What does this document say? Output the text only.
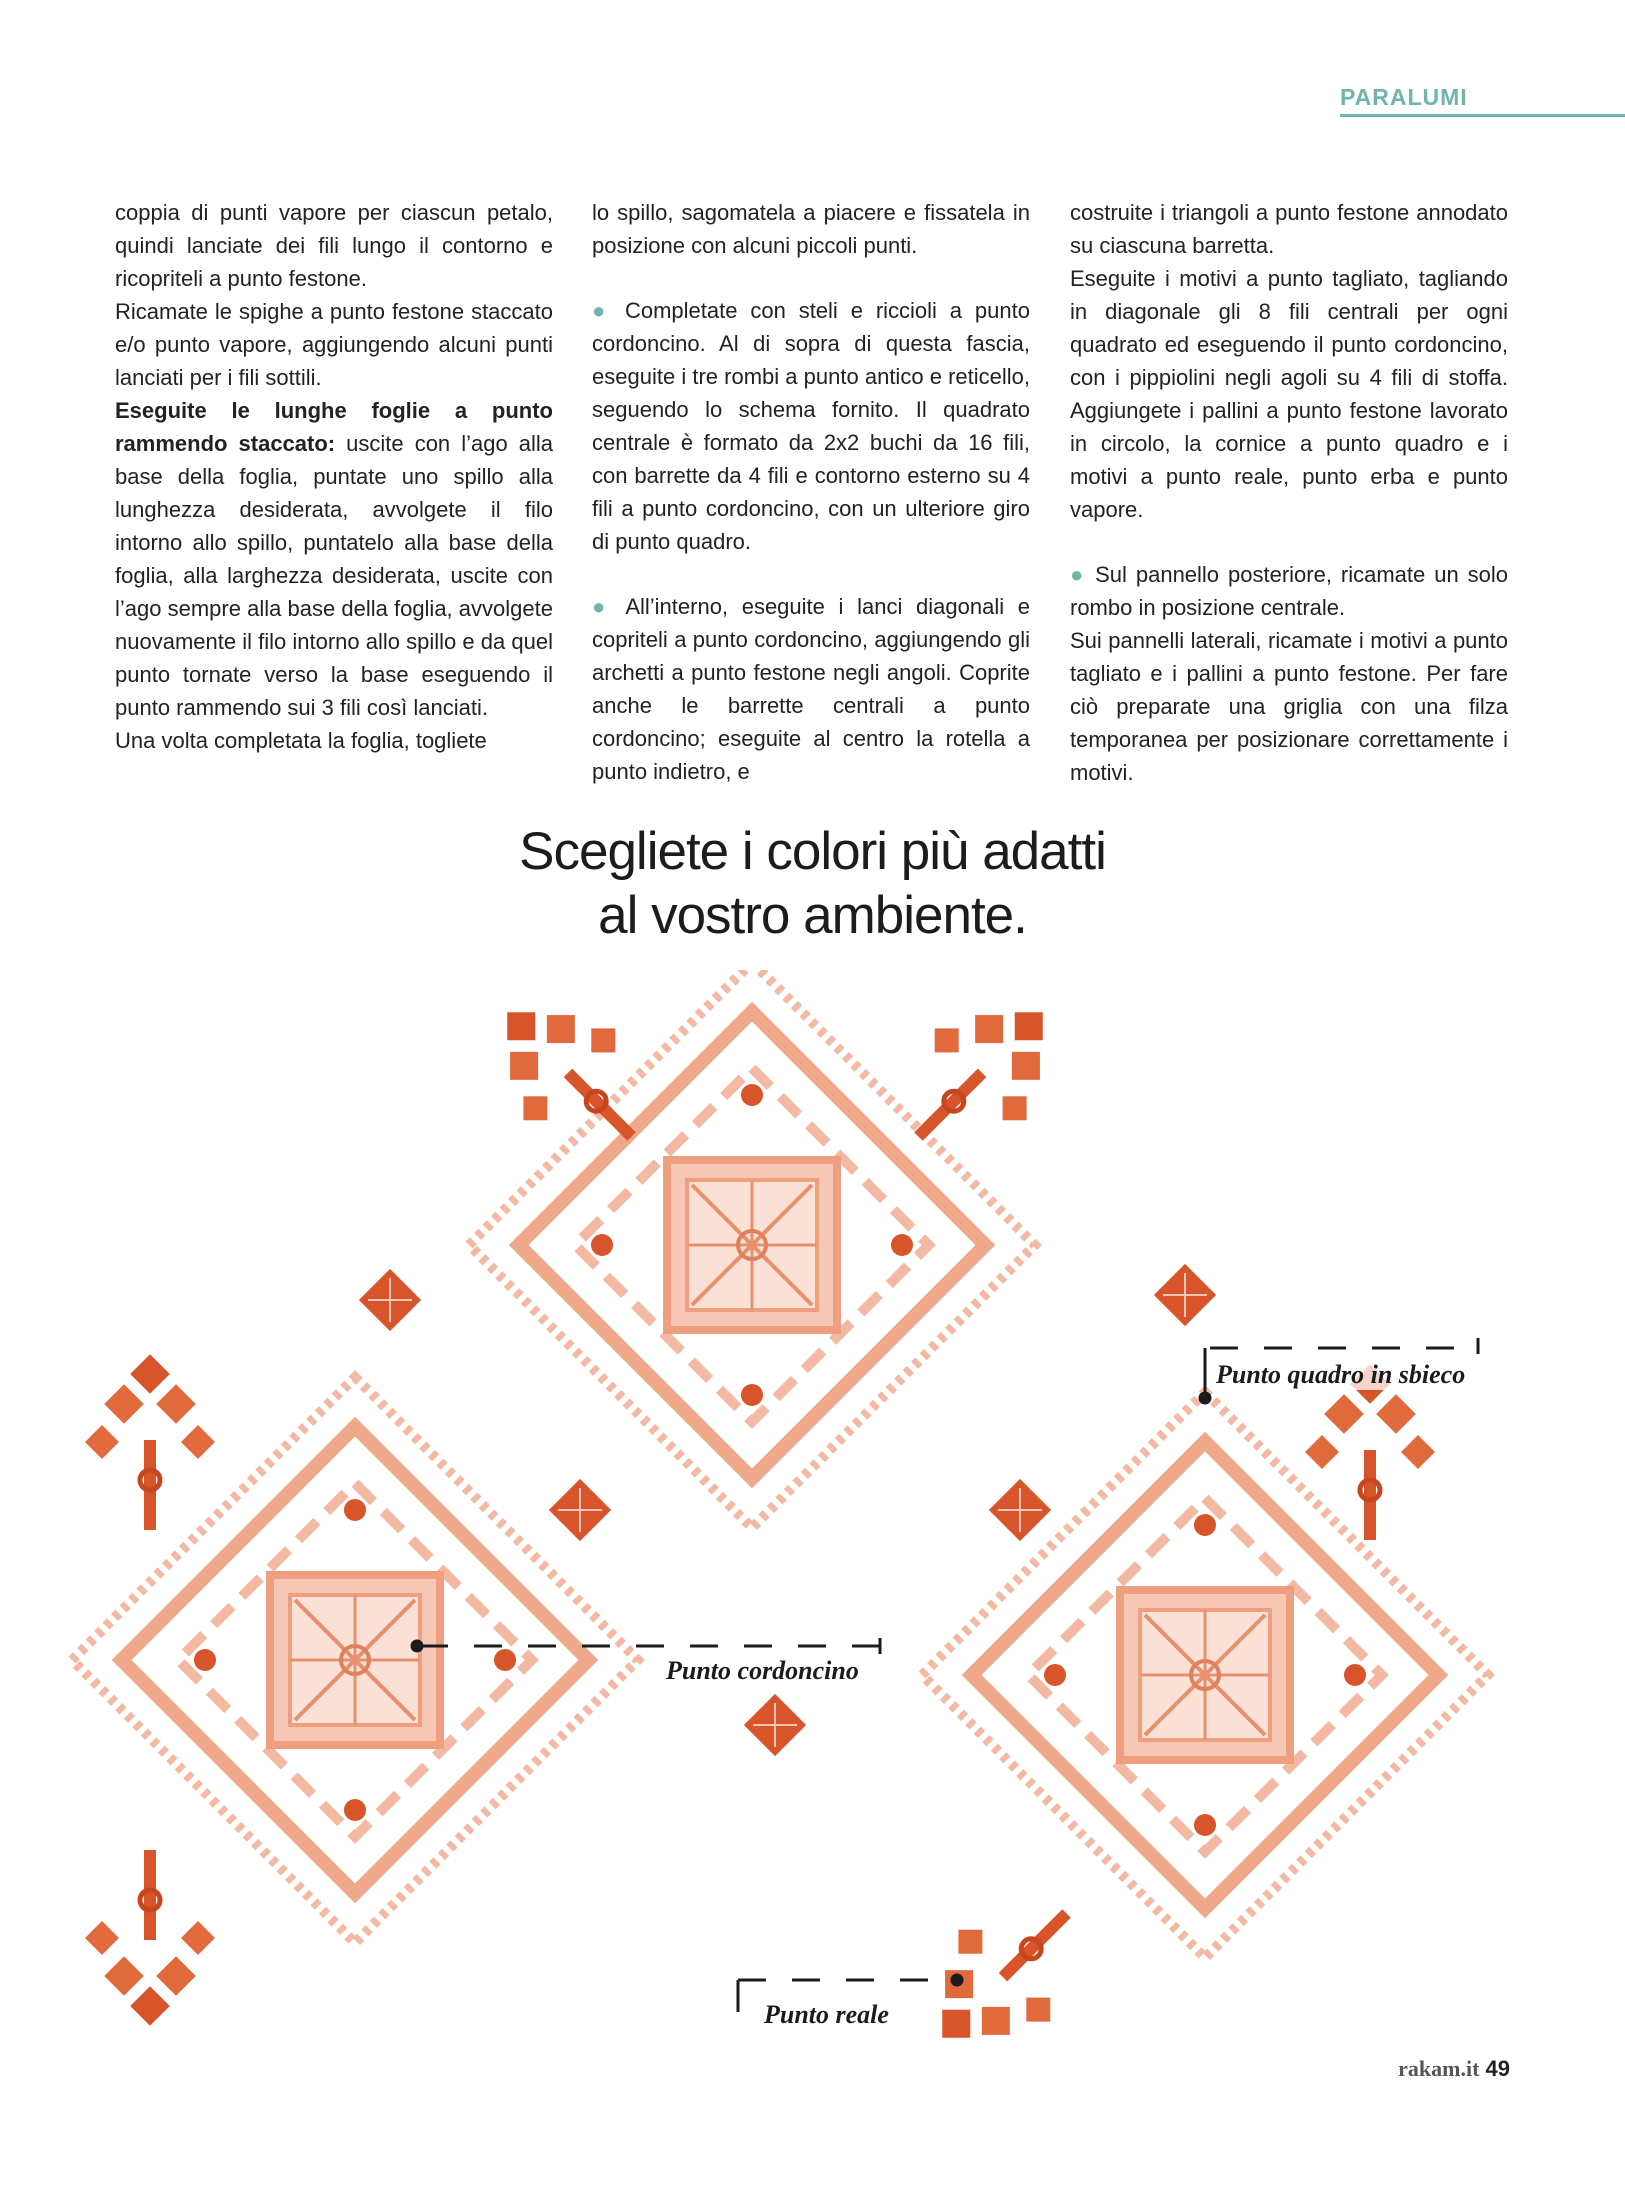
PARALUMI

coppia di punti vapore per ciascun petalo, quindi lanciate dei fili lungo il contorno e ricopriteli a punto festone.

Ricamate le spighe a punto festone staccato e/o punto vapore, aggiungendo alcuni punti lanciati per i fili sottili.

Eseguite le lunghe foglie a punto rammendo staccato: uscite con l’ago alla base della foglia, puntate uno spillo alla lunghezza desiderata, avvolgete il filo intorno allo spillo, puntatelo alla base della foglia, alla larghezza desiderata, uscite con l’ago sempre alla base della foglia, avvolgete nuovamente il filo intorno allo spillo e da quel punto tornate verso la base eseguendo il punto rammendo sui 3 fili così lanciati.

Una volta completata la foglia, togliete

lo spillo, sagomatela a piacere e fissatela in posizione con alcuni piccoli punti.

● Completate con steli e riccioli a punto cordoncino. Al di sopra di questa fascia, eseguite i tre rombi a punto antico e reticello, seguendo lo schema fornito. Il quadrato centrale è formato da 2x2 buchi da 16 fili, con barrette da 4 fili e contorno esterno su 4 fili a punto cordoncino, con un ulteriore giro di punto quadro.

● All’interno, eseguite i lanci diagonali e copriteli a punto cordoncino, aggiungendo gli archetti a punto festone negli angoli. Coprite anche le barrette centrali a punto cordoncino; eseguite al centro la rotella a punto indietro, e

costruite i triangoli a punto festone annodato su ciascuna barretta.

Eseguite i motivi a punto tagliato, tagliando in diagonale gli 8 fili centrali per ogni quadrato ed eseguendo il punto cordoncino, con i pippiolini negli agoli su 4 fili di stoffa. Aggiungete i pallini a punto festone lavorato in circolo, la cornice a punto quadro e i motivi a punto reale, punto erba e punto vapore.

● Sul pannello posteriore, ricamate un solo rombo in posizione centrale.

Sui pannelli laterali, ricamate i motivi a punto tagliato e i pallini a punto festone. Per fare ciò preparate una griglia con una filza temporanea per posizionare correttamente i motivi.

Scegliete i colori più adatti
al vostro ambiente.
Punto quadro in sbieco
Punto cordoncino
Punto reale
rakam.it 49
